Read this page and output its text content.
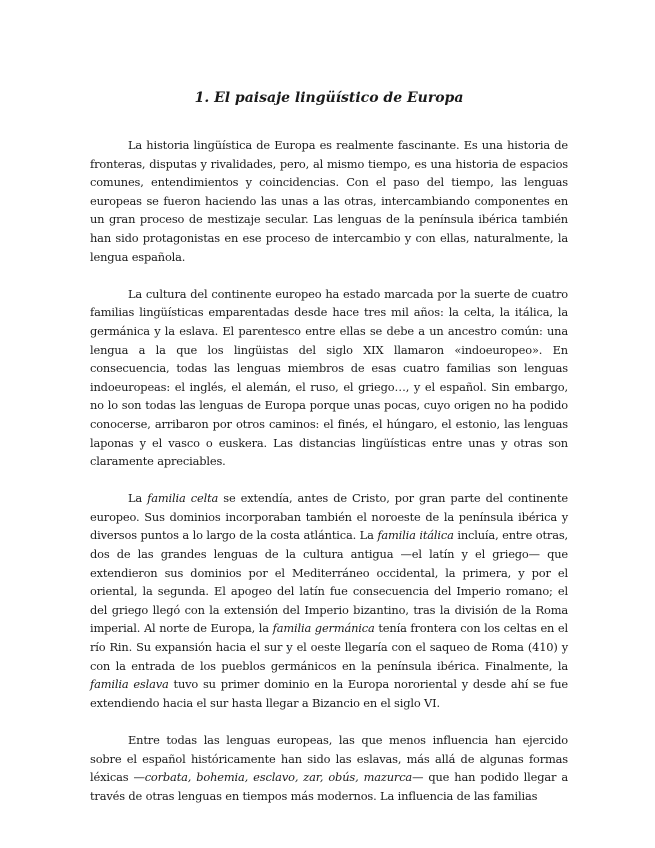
1. El paisaje lingüístico de Europa

La historia lingüística de Europa es realmente fascinante. Es una historia de fronteras, disputas y rivalidades, pero, al mismo tiempo, es una historia de espacios comunes, entendimientos y coincidencias. Con el paso del tiempo, las lenguas europeas se fueron haciendo las unas a las otras, intercambiando componentes en un gran proceso de mestizaje secular. Las lenguas de la península ibérica también han sido protagonistas en ese proceso de intercambio y con ellas, naturalmente, la lengua española.

La cultura del continente europeo ha estado marcada por la suerte de cuatro familias lingüísticas emparentadas desde hace tres mil años: la celta, la itálica, la germánica y la eslava. El parentesco entre ellas se debe a un ancestro común: una lengua a la que los lingüistas del siglo XIX llamaron «indoeuropeo». En consecuencia, todas las lenguas miembros de esas cuatro familias son lenguas indoeuropeas: el inglés, el alemán, el ruso, el griego…, y el español. Sin embargo, no lo son todas las lenguas de Europa porque unas pocas, cuyo origen no ha podido conocerse, arribaron por otros caminos: el finés, el húngaro, el estonio, las lenguas laponas y el vasco o euskera. Las distancias lingüísticas entre unas y otras son claramente apreciables.

La familia celta se extendía, antes de Cristo, por gran parte del continente europeo. Sus dominios incorporaban también el noroeste de la península ibérica y diversos puntos a lo largo de la costa atlántica. La familia itálica incluía, entre otras, dos de las grandes lenguas de la cultura antigua —el latín y el griego— que extendieron sus dominios por el Mediterráneo occidental, la primera, y por el oriental, la segunda. El apogeo del latín fue consecuencia del Imperio romano; el del griego llegó con la extensión del Imperio bizantino, tras la división de la Roma imperial. Al norte de Europa, la familia germánica tenía frontera con los celtas en el río Rin. Su expansión hacia el sur y el oeste llegaría con el saqueo de Roma (410) y con la entrada de los pueblos germánicos en la península ibérica. Finalmente, la familia eslava tuvo su primer dominio en la Europa nororiental y desde ahí se fue extendiendo hacia el sur hasta llegar a Bizancio en el siglo VI.

Entre todas las lenguas europeas, las que menos influencia han ejercido sobre el español históricamente han sido las eslavas, más allá de algunas formas léxicas —corbata, bohemia, esclavo, zar, obús, mazurca— que han podido llegar a través de otras lenguas en tiempos más modernos. La influencia de las familias
